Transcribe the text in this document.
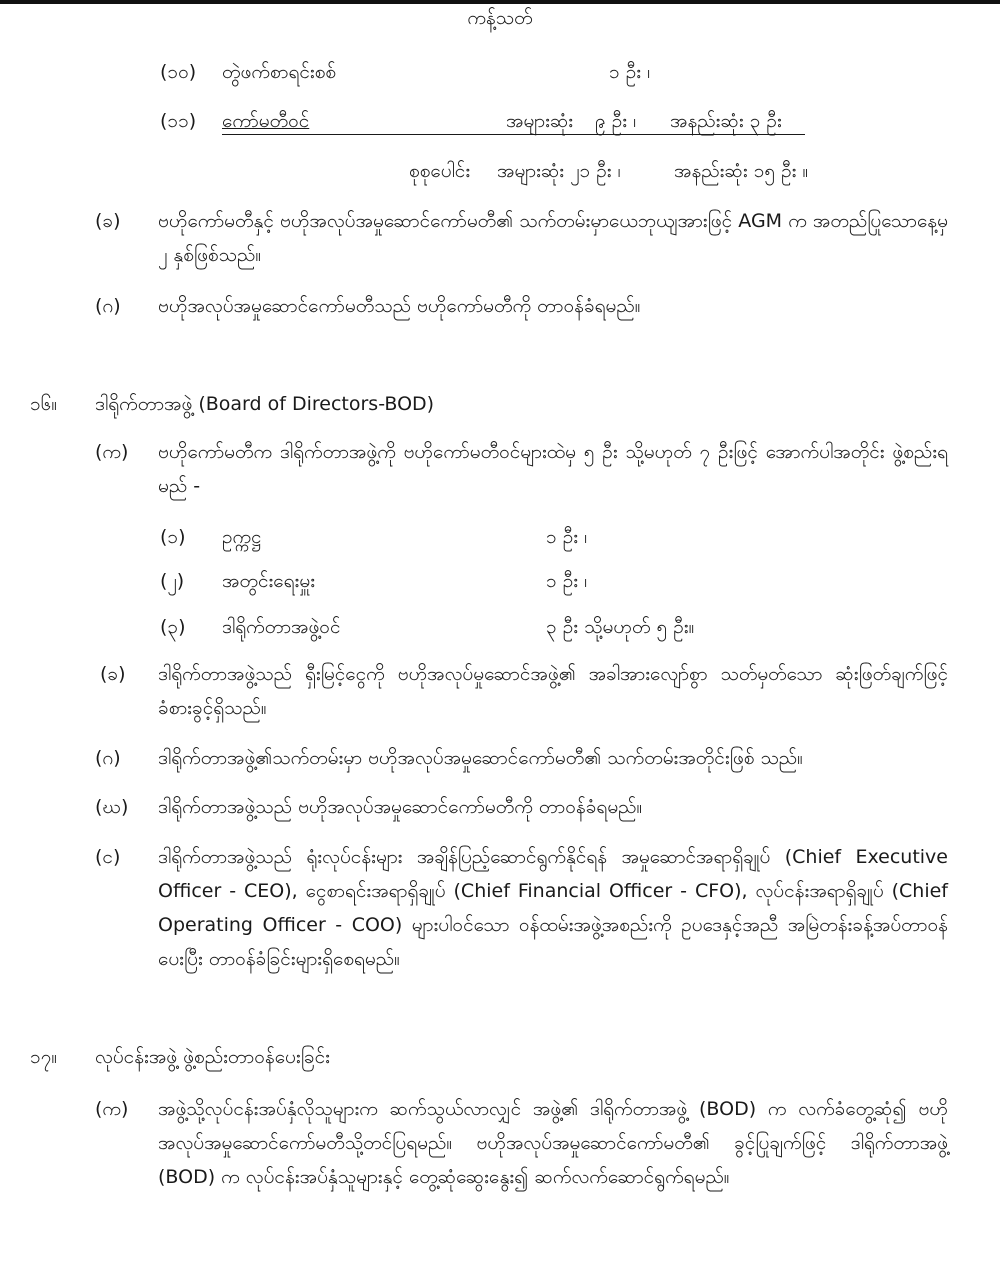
ကန့်သတ်
(၁၀) တွဲဖက်စာရင်းစစ်	၁ ဦး ၊
(၁၁) ကော်မတီဝင်	အများဆုံး ၉ ဦး ၊ အနည်းဆုံး ၃ ဦး
စုစုပေါင်း အများဆုံး ၂၁ ဦး ၊	အနည်းဆုံး ၁၅ ဦး ။
(ခ) ဗဟိုကော်မတီနှင့် ဗဟိုအလုပ်အမှုဆောင်ကော်မတီ၏ သက်တမ်းမှာယေဘုယျအားဖြင့် AGM က အတည်ပြုသောနေ့မှ ၂ နှစ်ဖြစ်သည်။
(ဂ) ဗဟိုအလုပ်အမှုဆောင်ကော်မတီသည် ဗဟိုကော်မတီကို တာဝန်ခံရမည်။
၁၆။ ဒါရိုက်တာအဖွဲ့ (Board of Directors-BOD)
(က) ဗဟိုကော်မတီက ဒါရိုက်တာအဖွဲ့ကို ဗဟိုကော်မတီဝင်များထဲမှ ၅ ဦး သို့မဟုတ် ၇ ဦးဖြင့် အောက်ပါအတိုင်း ဖွဲ့စည်းရမည် -
(၁) ဥက္ကဋ္ဌ	၁ ဦး ၊
(၂) အတွင်းရေးမှူး	၁ ဦး ၊
(၃) ဒါရိုက်တာအဖွဲ့ဝင်	၃ ဦး သို့မဟုတ် ၅ ဦး။
(ခ) ဒါရိုက်တာအဖွဲ့သည် ရှီးမြင့်ငွေကို ဗဟိုအလုပ်မှုဆောင်အဖွဲ့၏ အခါအားလျော်စွာ သတ်မှတ်သော ဆုံးဖြတ်ချက်ဖြင့် ခံစားခွင့်ရှိသည်။
(ဂ) ဒါရိုက်တာအဖွဲ့၏သက်တမ်းမှာ ဗဟိုအလုပ်အမှုဆောင်ကော်မတီ၏ သက်တမ်းအတိုင်းဖြစ် သည်။
(ဃ) ဒါရိုက်တာအဖွဲ့သည် ဗဟိုအလုပ်အမှုဆောင်ကော်မတီကို တာဝန်ခံရမည်။
(င) ဒါရိုက်တာအဖွဲ့သည် ရုံးလုပ်ငန်းများ အချိန်ပြည့်ဆောင်ရွက်နိုင်ရန် အမှုဆောင်အရာရှိချုပ် (Chief Executive Officer - CEO), ငွေစာရင်းအရာရှိချုပ် (Chief Financial Officer - CFO), လုပ်ငန်းအရာရှိချုပ် (Chief Operating Officer - COO) များပါဝင်သော ဝန်ထမ်းအဖွဲ့အစည်းကို ဥပဒေနှင့်အညီ အမြဲတန်းခန့်အပ်တာဝန်ပေးပြီး တာဝန်ခံခြင်းများရှိစေရမည်။
၁၇။ လုပ်ငန်းအဖွဲ့ ဖွဲ့စည်းတာဝန်ပေးခြင်း
(က) အဖွဲ့သို့လုပ်ငန်းအပ်နှံလိုသူများက ဆက်သွယ်လာလျှင် အဖွဲ့၏ ဒါရိုက်တာအဖွဲ့ (BOD) က လက်ခံတွေ့ဆုံ၍ ဗဟိုအလုပ်အမှုဆောင်ကော်မတီသို့တင်ပြရမည်။ ဗဟိုအလုပ်အမှုဆောင်ကော်မတီ၏ ခွင့်ပြုချက်ဖြင့် ဒါရိုက်တာအဖွဲ့ (BOD) က လုပ်ငန်းအပ်နှံသူများနှင့် တွေ့ဆုံဆွေးနွေး၍ ဆက်လက်ဆောင်ရွက်ရမည်။
